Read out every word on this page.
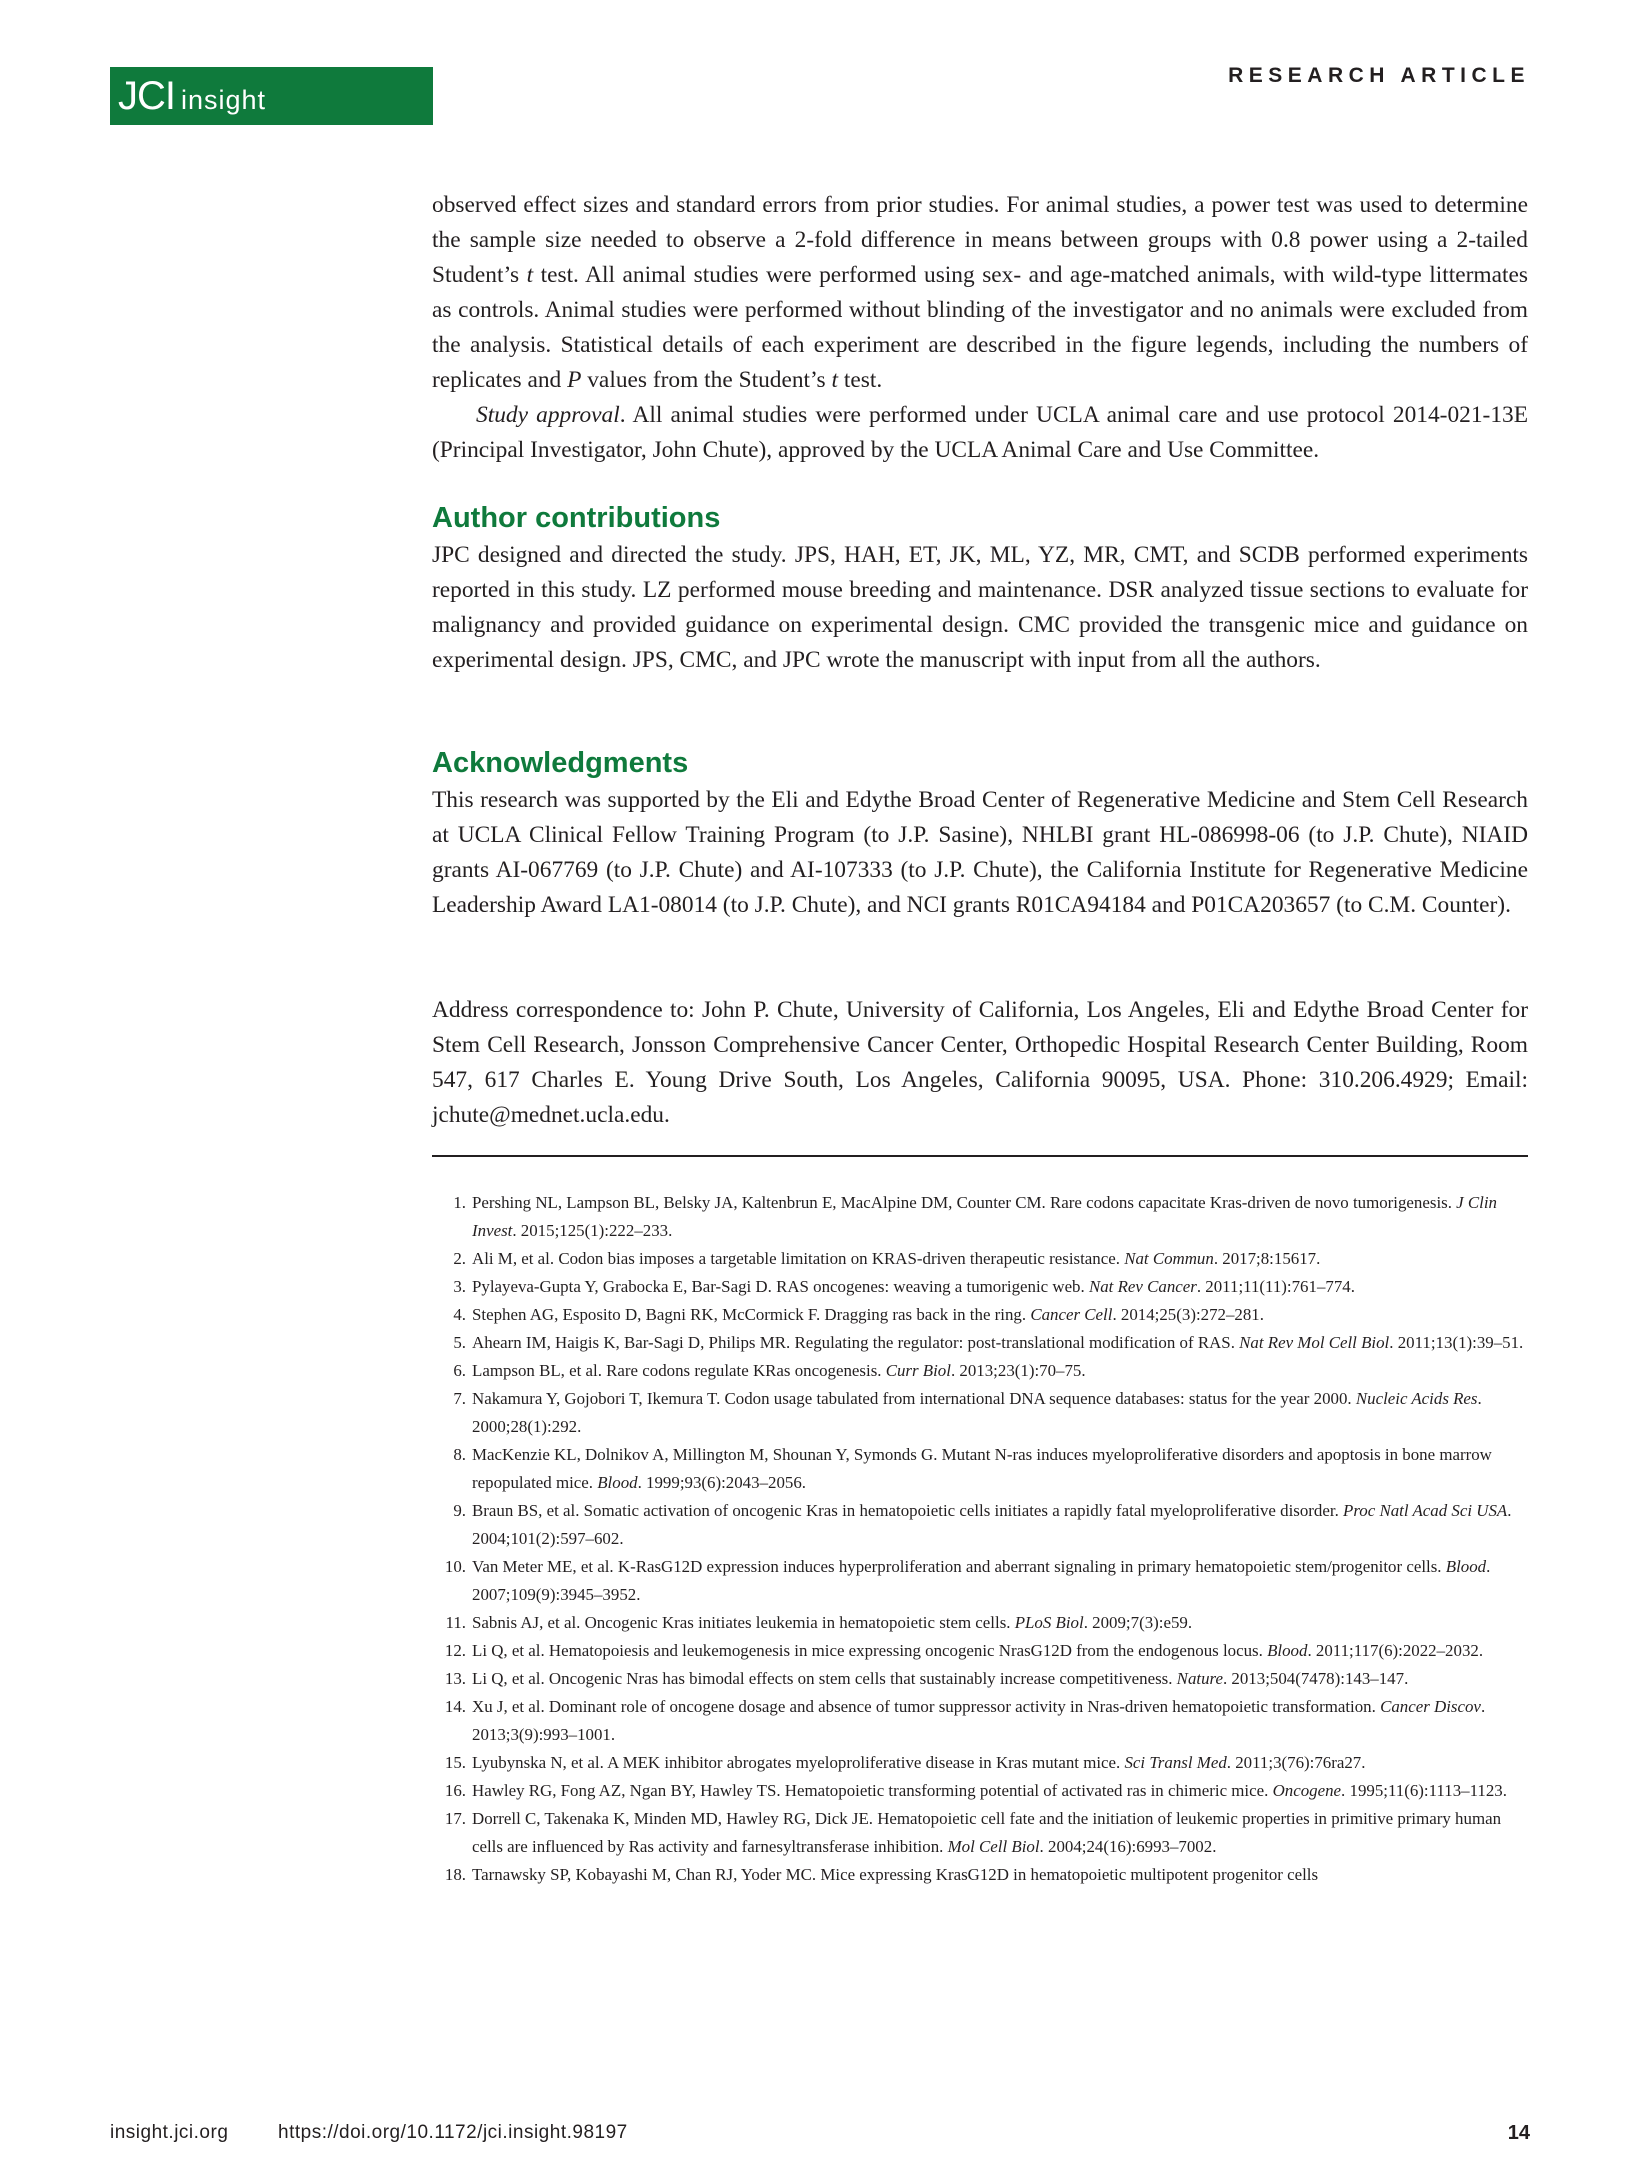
JCI insight
RESEARCH ARTICLE

observed effect sizes and standard errors from prior studies. For animal studies, a power test was used to determine the sample size needed to observe a 2-fold difference in means between groups with 0.8 power using a 2-tailed Student’s t test. All animal studies were performed using sex- and age-matched animals, with wild-type littermates as controls. Animal studies were performed without blinding of the investigator and no animals were excluded from the analysis. Statistical details of each experiment are described in the figure legends, including the numbers of replicates and P values from the Student’s t test.

Study approval. All animal studies were performed under UCLA animal care and use protocol 2014-021-13E (Principal Investigator, John Chute), approved by the UCLA Animal Care and Use Committee.

Author contributions

JPC designed and directed the study. JPS, HAH, ET, JK, ML, YZ, MR, CMT, and SCDB performed experiments reported in this study. LZ performed mouse breeding and maintenance. DSR analyzed tissue sections to evaluate for malignancy and provided guidance on experimental design. CMC provided the transgenic mice and guidance on experimental design. JPS, CMC, and JPC wrote the manuscript with input from all the authors.

Acknowledgments

This research was supported by the Eli and Edythe Broad Center of Regenerative Medicine and Stem Cell Research at UCLA Clinical Fellow Training Program (to J.P. Sasine), NHLBI grant HL-086998-06 (to J.P. Chute), NIAID grants AI-067769 (to J.P. Chute) and AI-107333 (to J.P. Chute), the California Institute for Regenerative Medicine Leadership Award LA1-08014 (to J.P. Chute), and NCI grants R01CA94184 and P01CA203657 (to C.M. Counter).

Address correspondence to: John P. Chute, University of California, Los Angeles, Eli and Edythe Broad Center for Stem Cell Research, Jonsson Comprehensive Cancer Center, Orthopedic Hospital Research Center Building, Room 547, 617 Charles E. Young Drive South, Los Angeles, California 90095, USA. Phone: 310.206.4929; Email: jchute@mednet.ucla.edu.

1. Pershing NL, Lampson BL, Belsky JA, Kaltenbrun E, MacAlpine DM, Counter CM. Rare codons capacitate Kras-driven de novo tumorigenesis. J Clin Invest. 2015;125(1):222–233.
2. Ali M, et al. Codon bias imposes a targetable limitation on KRAS-driven therapeutic resistance. Nat Commun. 2017;8:15617.
3. Pylayeva-Gupta Y, Grabocka E, Bar-Sagi D. RAS oncogenes: weaving a tumorigenic web. Nat Rev Cancer. 2011;11(11):761–774.
4. Stephen AG, Esposito D, Bagni RK, McCormick F. Dragging ras back in the ring. Cancer Cell. 2014;25(3):272–281.
5. Ahearn IM, Haigis K, Bar-Sagi D, Philips MR. Regulating the regulator: post-translational modification of RAS. Nat Rev Mol Cell Biol. 2011;13(1):39–51.
6. Lampson BL, et al. Rare codons regulate KRas oncogenesis. Curr Biol. 2013;23(1):70–75.
7. Nakamura Y, Gojobori T, Ikemura T. Codon usage tabulated from international DNA sequence databases: status for the year 2000. Nucleic Acids Res. 2000;28(1):292.
8. MacKenzie KL, Dolnikov A, Millington M, Shounan Y, Symonds G. Mutant N-ras induces myeloproliferative disorders and apoptosis in bone marrow repopulated mice. Blood. 1999;93(6):2043–2056.
9. Braun BS, et al. Somatic activation of oncogenic Kras in hematopoietic cells initiates a rapidly fatal myeloproliferative disorder. Proc Natl Acad Sci USA. 2004;101(2):597–602.
10. Van Meter ME, et al. K-RasG12D expression induces hyperproliferation and aberrant signaling in primary hematopoietic stem/progenitor cells. Blood. 2007;109(9):3945–3952.
11. Sabnis AJ, et al. Oncogenic Kras initiates leukemia in hematopoietic stem cells. PLoS Biol. 2009;7(3):e59.
12. Li Q, et al. Hematopoiesis and leukemogenesis in mice expressing oncogenic NrasG12D from the endogenous locus. Blood. 2011;117(6):2022–2032.
13. Li Q, et al. Oncogenic Nras has bimodal effects on stem cells that sustainably increase competitiveness. Nature. 2013;504(7478):143–147.
14. Xu J, et al. Dominant role of oncogene dosage and absence of tumor suppressor activity in Nras-driven hematopoietic transformation. Cancer Discov. 2013;3(9):993–1001.
15. Lyubynska N, et al. A MEK inhibitor abrogates myeloproliferative disease in Kras mutant mice. Sci Transl Med. 2011;3(76):76ra27.
16. Hawley RG, Fong AZ, Ngan BY, Hawley TS. Hematopoietic transforming potential of activated ras in chimeric mice. Oncogene. 1995;11(6):1113–1123.
17. Dorrell C, Takenaka K, Minden MD, Hawley RG, Dick JE. Hematopoietic cell fate and the initiation of leukemic properties in primitive primary human cells are influenced by Ras activity and farnesyltransferase inhibition. Mol Cell Biol. 2004;24(16):6993–7002.
18. Tarnawsky SP, Kobayashi M, Chan RJ, Yoder MC. Mice expressing KrasG12D in hematopoietic multipotent progenitor cells
insight.jci.org	https://doi.org/10.1172/jci.insight.98197	14
